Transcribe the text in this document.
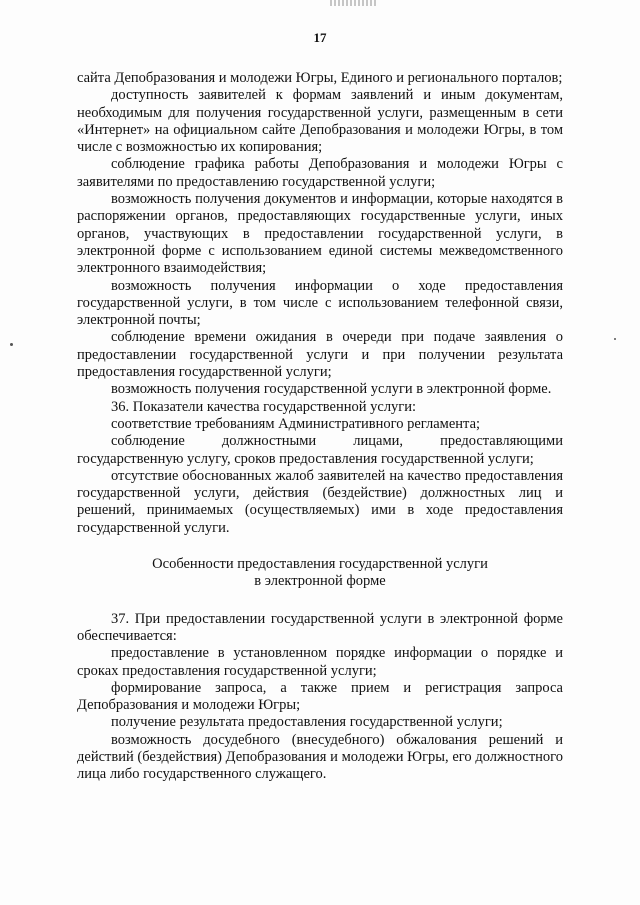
17

сайта Депобразования и молодежи Югры, Единого и регионального порталов;

доступность заявителей к формам заявлений и иным документам, необходимым для получения государственной услуги, размещенным в сети «Интернет» на официальном сайте Депобразования и молодежи Югры, в том числе с возможностью их копирования;

соблюдение графика работы Депобразования и молодежи Югры с заявителями по предоставлению государственной услуги;

возможность получения документов и информации, которые находятся в распоряжении органов, предоставляющих государственные услуги, иных органов, участвующих в предоставлении государственной услуги, в электронной форме с использованием единой системы межведомственного электронного взаимодействия;

возможность получения информации о ходе предоставления государственной услуги, в том числе с использованием телефонной связи, электронной почты;

соблюдение времени ожидания в очереди при подаче заявления о предоставлении государственной услуги и при получении результата предоставления государственной услуги;

возможность получения государственной услуги в электронной форме.

36. Показатели качества государственной услуги:

соответствие требованиям Административного регламента;

соблюдение должностными лицами, предоставляющими государственную услугу, сроков предоставления государственной услуги;

отсутствие обоснованных жалоб заявителей на качество предоставления государственной услуги, действия (бездействие) должностных лиц и решений, принимаемых (осуществляемых) ими в ходе предоставления государственной услуги.

Особенности предоставления государственной услуги
в электронной форме

37. При предоставлении государственной услуги в электронной форме обеспечивается:

предоставление в установленном порядке информации о порядке и сроках предоставления государственной услуги;

формирование запроса, а также прием и регистрация запроса Депобразования и молодежи Югры;

получение результата предоставления государственной услуги;

возможность досудебного (внесудебного) обжалования решений и действий (бездействия) Депобразования и молодежи Югры, его должностного лица либо государственного служащего.
